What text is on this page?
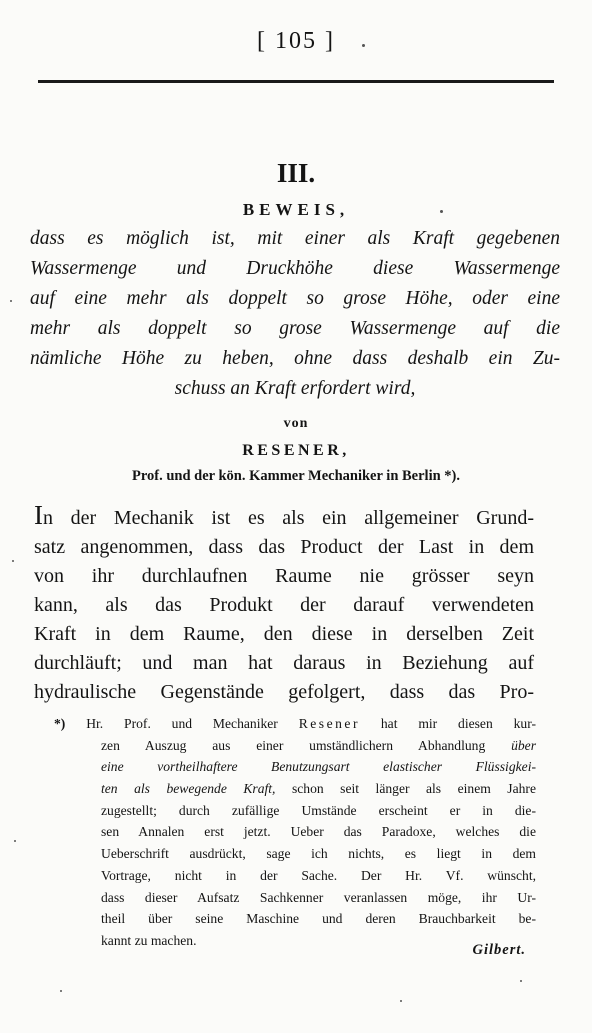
[ 105 ]
III.
BEWEIS,
dass es möglich ist, mit einer als Kraft gegebenen
Wassermenge und Druckhöhe diese Wassermenge
auf eine mehr als doppelt so grose Höhe, oder eine
mehr als doppelt so grose Wassermenge auf die
nämliche Höhe zu heben, ohne dass deshalb ein Zu-
schuss an Kraft erfordert wird,
von
RESENER,
Prof. und der kön. Kammer Mechaniker in Berlin *).
In der Mechanik ist es als ein allgemeiner Grund-
satz angenommen, dass das Product der Last in dem
von ihr durchlaufnen Raume nie grösser seyn
kann, als das Produkt der darauf verwendeten
Kraft in dem Raume, den diese in derselben Zeit
durchläuft; und man hat daraus in Beziehung auf
hydraulische Gegenstände gefolgert, dass das Pro-
*) Hr. Prof. und Mechaniker Resener hat mir diesen kur-
zen Auszug aus einer umständlichern Abhandlung über
eine vortheilhaftere Benutzungsart elastischer Flüssigkei-
ten als bewegende Kraft, schon seit länger als einem Jahre
zugestellt; durch zufällige Umstände erscheint er in die-
sen Annalen erst jetzt. Ueber das Paradoxe, welches die
Ueberschrift ausdrückt, sage ich nichts, es liegt in dem
Vortrage, nicht in der Sache. Der Hr. Vf. wünscht,
dass dieser Aufsatz Sachkenner veranlassen möge, ihr Ur-
theil über seine Maschine und deren Brauchbarkeit be-
kannt zu machen.
Gilbert.
